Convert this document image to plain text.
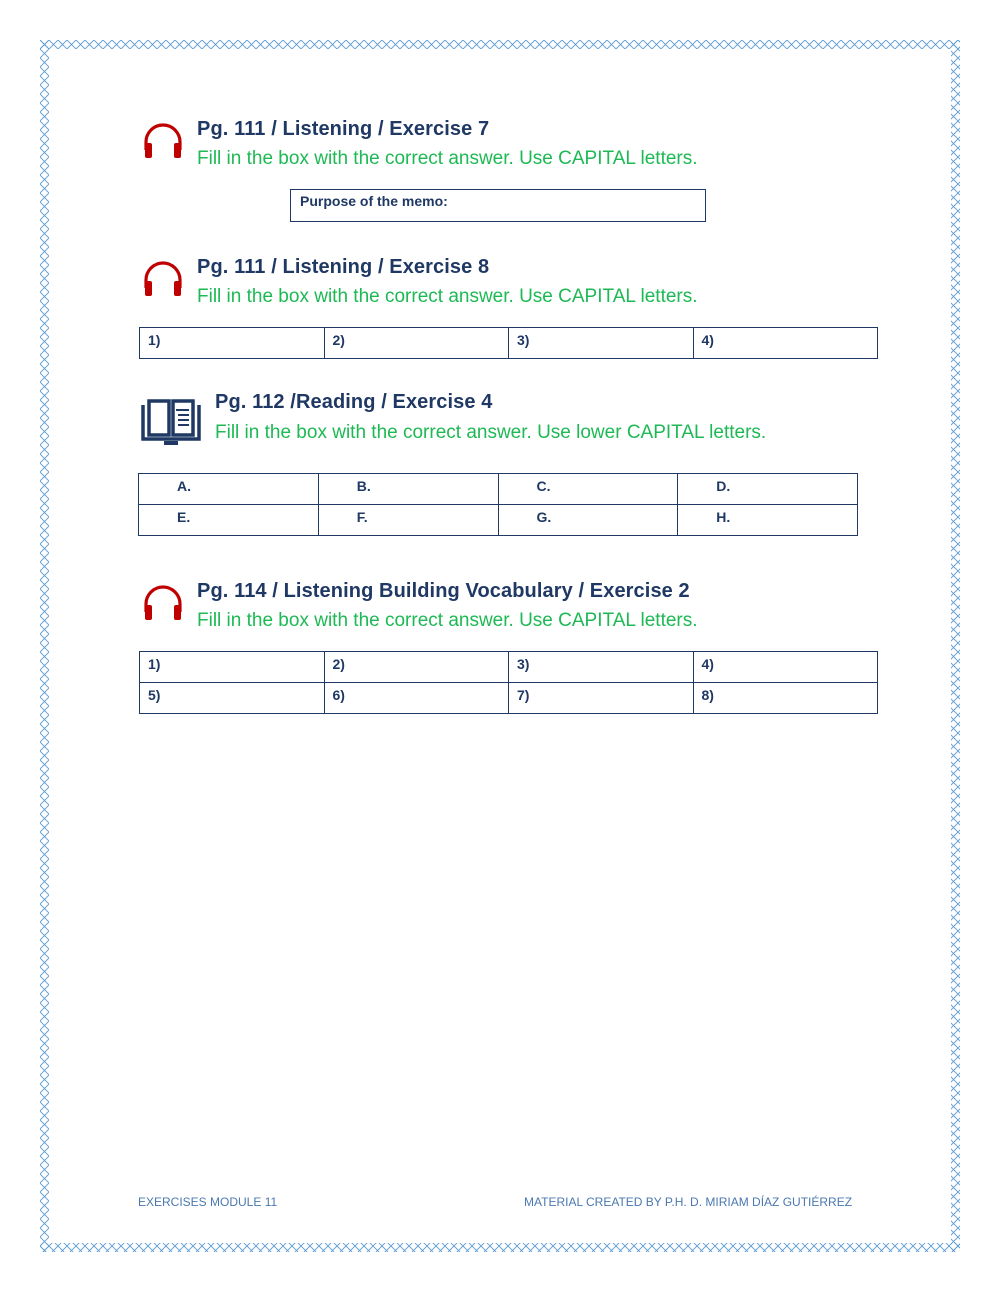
Pg. 111 / Listening / Exercise 7
Fill in the box with the correct answer. Use CAPITAL letters.
Purpose of the memo:
Pg. 111 / Listening / Exercise 8
Fill in the box with the correct answer. Use CAPITAL letters.
1)	2)	3)	4)
Pg. 112 /Reading / Exercise 4
Fill in the box with the correct answer. Use lower CAPITAL letters.
A.	B.	C.	D.
E.	F.	G.	H.
Pg. 114 / Listening Building Vocabulary / Exercise 2
Fill in the box with the correct answer. Use CAPITAL letters.
1)	2)	3)	4)
5)	6)	7)	8)
EXERCISES MODULE 11	MATERIAL CREATED BY P.H. D. MIRIAM DÍAZ GUTIÉRREZ
